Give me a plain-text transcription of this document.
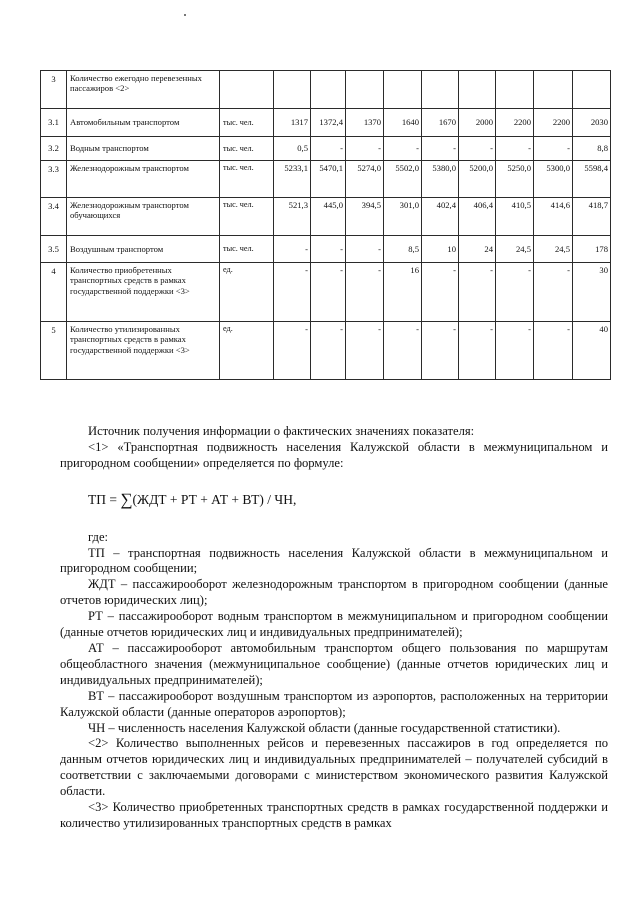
3	Количество ежегодно перевезенных пассажиров <2>										
3.1	Автомобильным транспортом	тыс. чел.	1317	1372,4	1370	1640	1670	2000	2200	2200	2030
3.2	Водным транспортом	тыс. чел.	0,5	-	-	-	-	-	-	-	8,8
3.3	Железнодорожным транспортом	тыс. чел.	5233,1	5470,1	5274,0	5502,0	5380,0	5200,0	5250,0	5300,0	5598,4
3.4	Железнодорожным транспортом обучающихся	тыс. чел.	521,3	445,0	394,5	301,0	402,4	406,4	410,5	414,6	418,7
3.5	Воздушным транспортом	тыс. чел.	-	-	-	8,5	10	24	24,5	24,5	178
4	Количество приобретенных транспортных средств в рамках государственной поддержки <3>	ед.	-	-	-	16	-	-	-	-	30
5	Количество утилизированных транспортных средств в рамках государственной поддержки <3>	ед.	-	-	-	-	-	-	-	-	40

Источник получения информации о фактических значениях показателя:

<1> «Транспортная подвижность населения Калужской области в межмуниципальном и пригородном сообщении» определяется по формуле:

ТП = ∑(ЖДТ + РТ + АТ + ВТ) / ЧН,

где:

ТП – транспортная подвижность населения Калужской области в межмуниципальном и пригородном сообщении;

ЖДТ – пассажирооборот железнодорожным транспортом в пригородном сообщении (данные отчетов юридических лиц);

РТ – пассажирооборот водным транспортом в межмуниципальном и пригородном сообщении (данные отчетов юридических лиц и индивидуальных предпринимателей);

АТ – пассажирооборот автомобильным транспортом общего пользования по маршрутам общеобластного значения (межмуниципальное сообщение) (данные отчетов юридических лиц и индивидуальных предпринимателей);

ВТ – пассажирооборот воздушным транспортом из аэропортов, расположенных на территории Калужской области (данные операторов аэропортов);

ЧН – численность населения Калужской области (данные государственной статистики).

<2> Количество выполненных рейсов и перевезенных пассажиров в год определяется по данным отчетов юридических лиц и индивидуальных предпринимателей – получателей субсидий в соответствии с заключаемыми договорами с министерством экономического развития Калужской области.

<3> Количество приобретенных транспортных средств в рамках государственной поддержки и количество утилизированных транспортных средств в рамках
